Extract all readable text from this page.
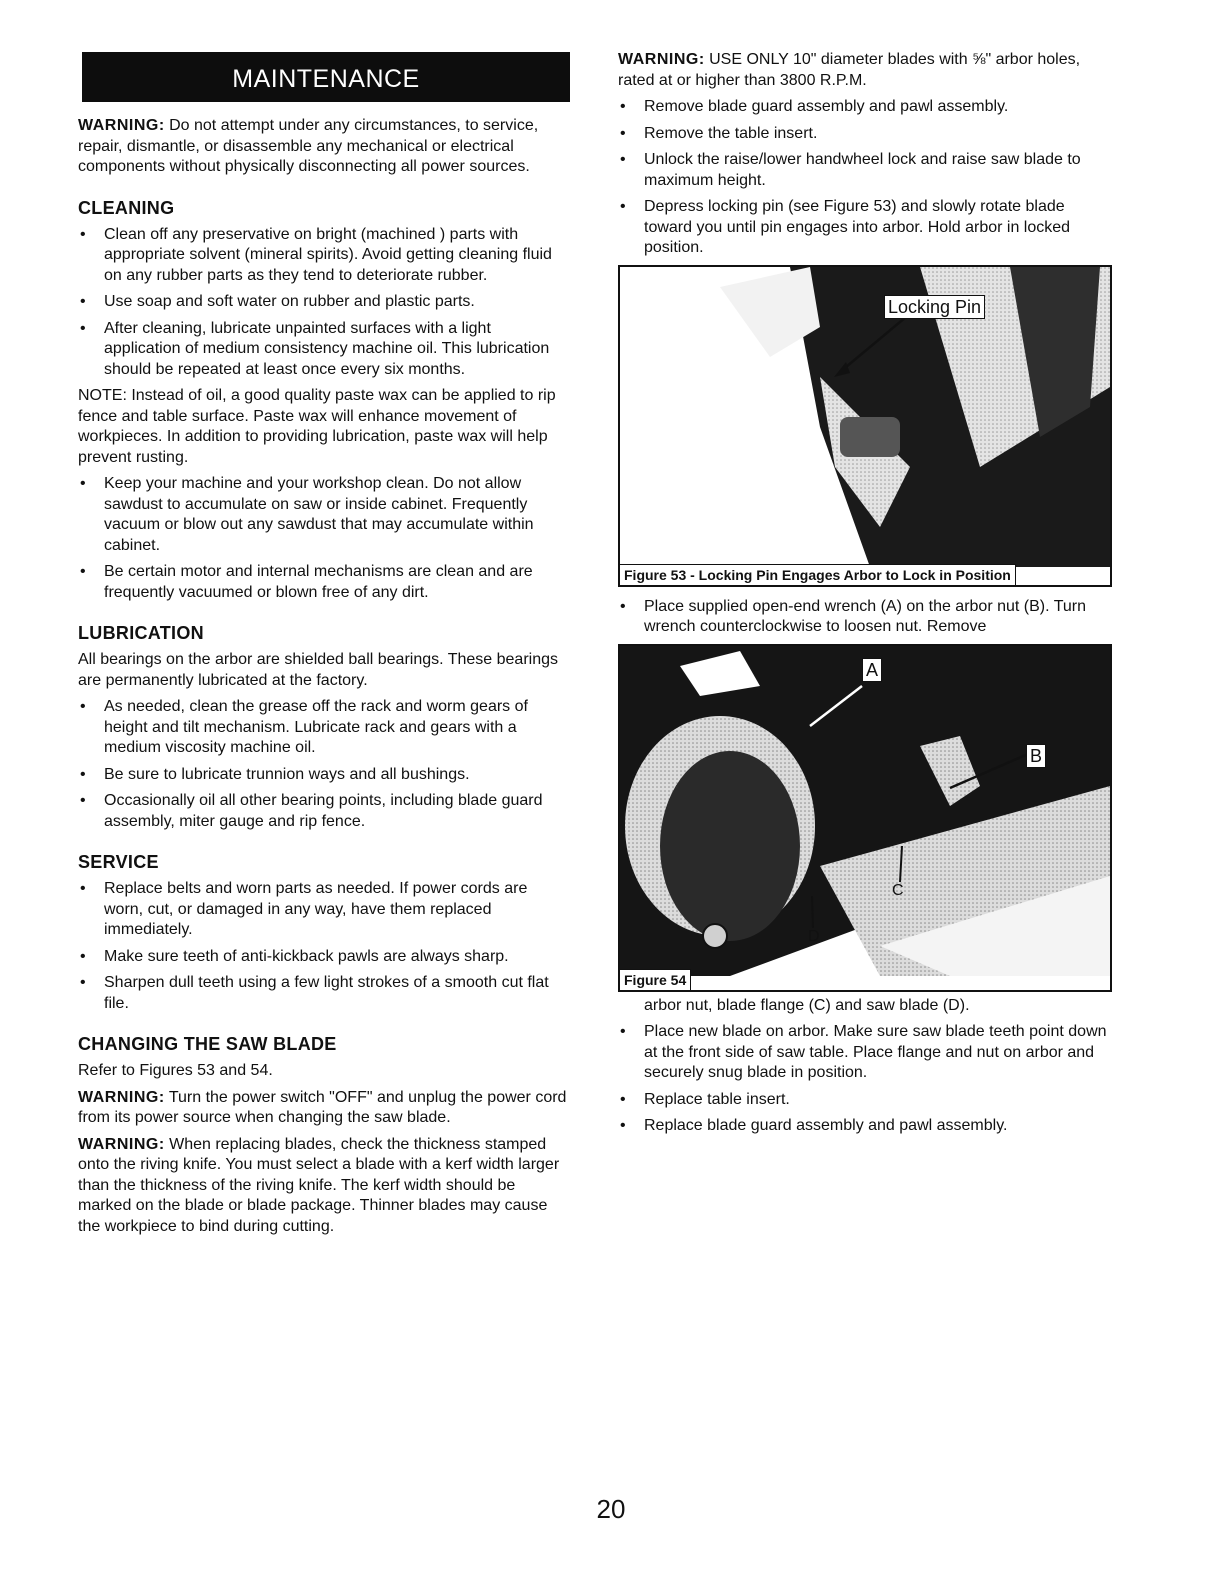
MAINTENANCE

WARNING: Do not attempt under any circumstances, to service, repair, dismantle, or disassemble any mechanical or electrical components without physically disconnecting all power sources.

CLEANING
• Clean off any preservative on bright (machined ) parts with appropriate solvent (mineral spirits). Avoid getting cleaning fluid on any rubber parts as they tend to deteriorate rubber.
• Use soap and soft water on rubber and plastic parts.
• After cleaning, lubricate unpainted surfaces with a light application of medium consistency machine oil. This lubrication should be repeated at least once every six months.

NOTE: Instead of oil, a good quality paste wax can be applied to rip fence and table surface. Paste wax will enhance movement of workpieces. In addition to providing lubrication, paste wax will help prevent rusting.

• Keep your machine and your workshop clean. Do not allow sawdust to accumulate on saw or inside cabinet. Frequently vacuum or blow out any sawdust that may accumulate within cabinet.
• Be certain motor and internal mechanisms are clean and are frequently vacuumed or blown free of any dirt.
LUBRICATION

All bearings on the arbor are shielded ball bearings. These bearings are permanently lubricated at the factory.

• As needed, clean the grease off the rack and worm gears of height and tilt mechanism. Lubricate rack and gears with a medium viscosity machine oil.
• Be sure to lubricate trunnion ways and all bushings.
• Occasionally oil all other bearing points, including blade guard assembly, miter gauge and rip fence.
SERVICE
• Replace belts and worn parts as needed. If power cords are worn, cut, or damaged in any way, have them replaced immediately.
• Make sure teeth of anti-kickback pawls are always sharp.
• Sharpen dull teeth using a few light strokes of a smooth cut flat file.
CHANGING THE SAW BLADE

Refer to Figures 53 and 54.

WARNING: Turn the power switch "OFF" and unplug the power cord from its power source when changing the saw blade.

WARNING: When replacing blades, check the thickness stamped onto the riving knife. You must select a blade with a kerf width larger than the thickness of the riving knife. The kerf width should be marked on the blade or blade package. Thinner blades may cause the workpiece to bind during cutting.

WARNING: USE ONLY 10" diameter blades with ⅝" arbor holes, rated at or higher than 3800 R.P.M.

• Remove blade guard assembly and pawl assembly.
• Remove the table insert.
• Unlock the raise/lower handwheel lock and raise saw blade to maximum height.
• Depress locking pin (see Figure 53) and slowly rotate blade toward you until pin engages into arbor. Hold arbor in locked position.
Locking Pin
Figure 53 - Locking Pin Engages Arbor to Lock in Position
• Place supplied open-end wrench (A) on the arbor nut (B). Turn wrench counterclockwise to loosen nut. Remove
A
B
C
D
Figure 54

arbor nut, blade flange (C) and saw blade (D).

• Place new blade on arbor. Make sure saw blade teeth point down at the front side of saw table. Place flange and nut on arbor and securely snug blade in position.
• Replace table insert.
• Replace blade guard assembly and pawl assembly.
20
